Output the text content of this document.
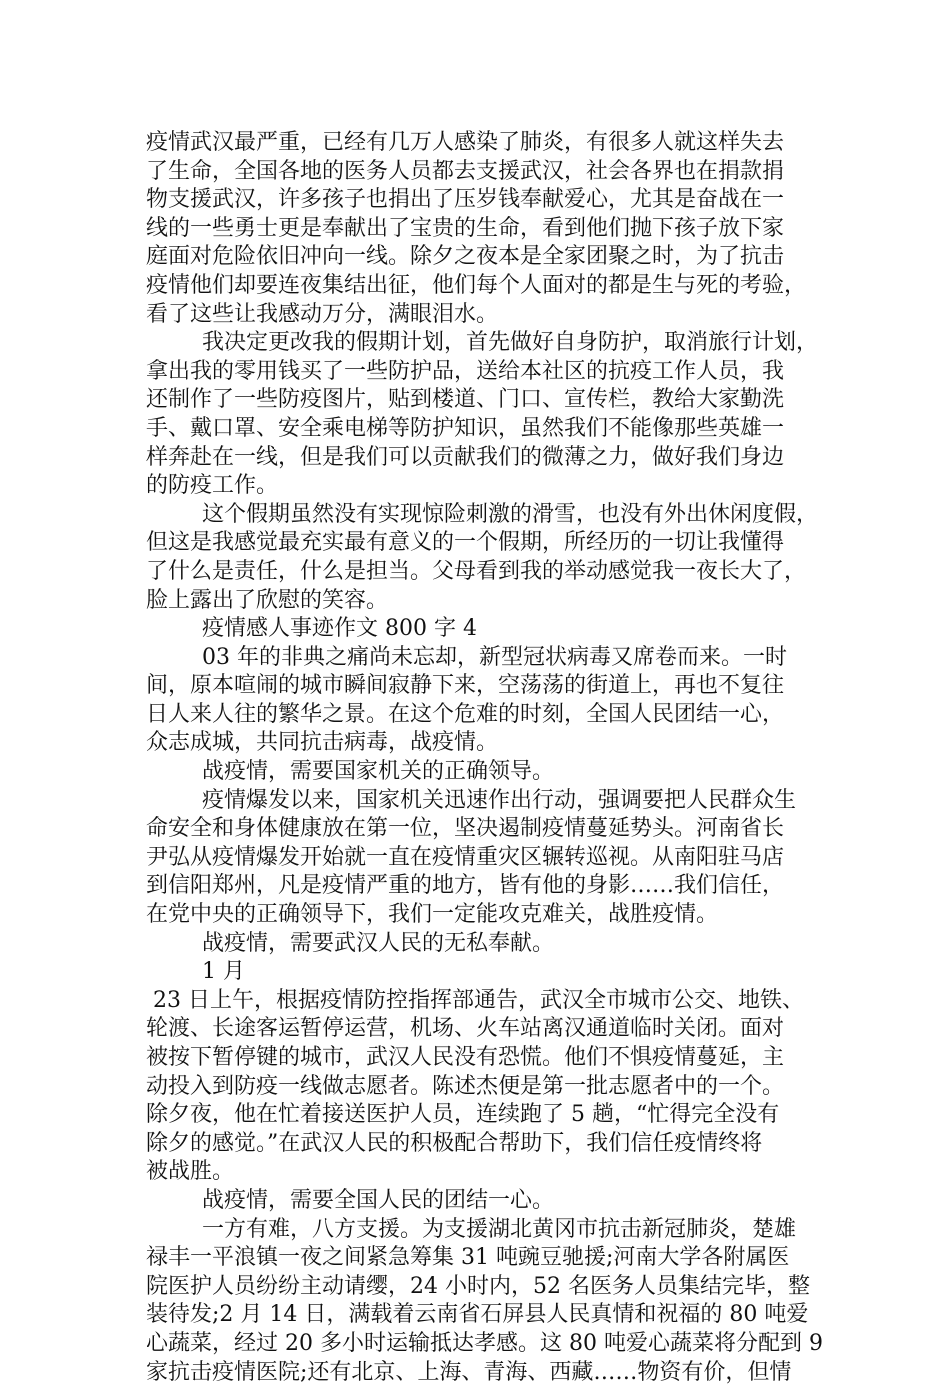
疫情武汉最严重，已经有几万人感染了肺炎，有很多人就这样失去
了生命，全国各地的医务人员都去支援武汉，社会各界也在捐款捐
物支援武汉，许多孩子也捐出了压岁钱奉献爱心，尤其是奋战在一
线的一些勇士更是奉献出了宝贵的生命，看到他们抛下孩子放下家
庭面对危险依旧冲向一线。除夕之夜本是全家团聚之时，为了抗击
疫情他们却要连夜集结出征，他们每个人面对的都是生与死的考验，
看了这些让我感动万分，满眼泪水。
我决定更改我的假期计划，首先做好自身防护，取消旅行计划，
拿出我的零用钱买了一些防护品，送给本社区的抗疫工作人员，我
还制作了一些防疫图片，贴到楼道、门口、宣传栏，教给大家勤洗
手、戴口罩、安全乘电梯等防护知识，虽然我们不能像那些英雄一
样奔赴在一线，但是我们可以贡献我们的微薄之力，做好我们身边
的防疫工作。
这个假期虽然没有实现惊险刺激的滑雪，也没有外出休闲度假，
但这是我感觉最充实最有意义的一个假期，所经历的一切让我懂得
了什么是责任，什么是担当。父母看到我的举动感觉我一夜长大了，
脸上露出了欣慰的笑容。
疫情感人事迹作文 800 字 4
03 年的非典之痛尚未忘却，新型冠状病毒又席卷而来。一时
间，原本喧闹的城市瞬间寂静下来，空荡荡的街道上，再也不复往
日人来人往的繁华之景。在这个危难的时刻，全国人民团结一心，
众志成城，共同抗击病毒，战疫情。
战疫情，需要国家机关的正确领导。
疫情爆发以来，国家机关迅速作出行动，强调要把人民群众生
命安全和身体健康放在第一位，坚决遏制疫情蔓延势头。河南省长
尹弘从疫情爆发开始就一直在疫情重灾区辗转巡视。从南阳驻马店
到信阳郑州，凡是疫情严重的地方，皆有他的身影……我们信任，
在党中央的正确领导下，我们一定能攻克难关，战胜疫情。
战疫情，需要武汉人民的无私奉献。
1 月
23 日上午，根据疫情防控指挥部通告，武汉全市城市公交、地铁、
轮渡、长途客运暂停运营，机场、火车站离汉通道临时关闭。面对
被按下暂停键的城市，武汉人民没有恐慌。他们不惧疫情蔓延，主
动投入到防疫一线做志愿者。陈述杰便是第一批志愿者中的一个。
除夕夜，他在忙着接送医护人员，连续跑了 5 趟，“忙得完全没有
除夕的感觉。”在武汉人民的积极配合帮助下，我们信任疫情终将
被战胜。
战疫情，需要全国人民的团结一心。
一方有难，八方支援。为支援湖北黄冈市抗击新冠肺炎，楚雄
禄丰一平浪镇一夜之间紧急筹集 31 吨豌豆驰援;河南大学各附属医
院医护人员纷纷主动请缨，24 小时内，52 名医务人员集结完毕，整
装待发;2 月 14 日，满载着云南省石屏县人民真情和祝福的 80 吨爱
心蔬菜，经过 20 多小时运输抵达孝感。这 80 吨爱心蔬菜将分配到 9
家抗击疫情医院;还有北京、上海、青海、西藏……物资有价，但情
